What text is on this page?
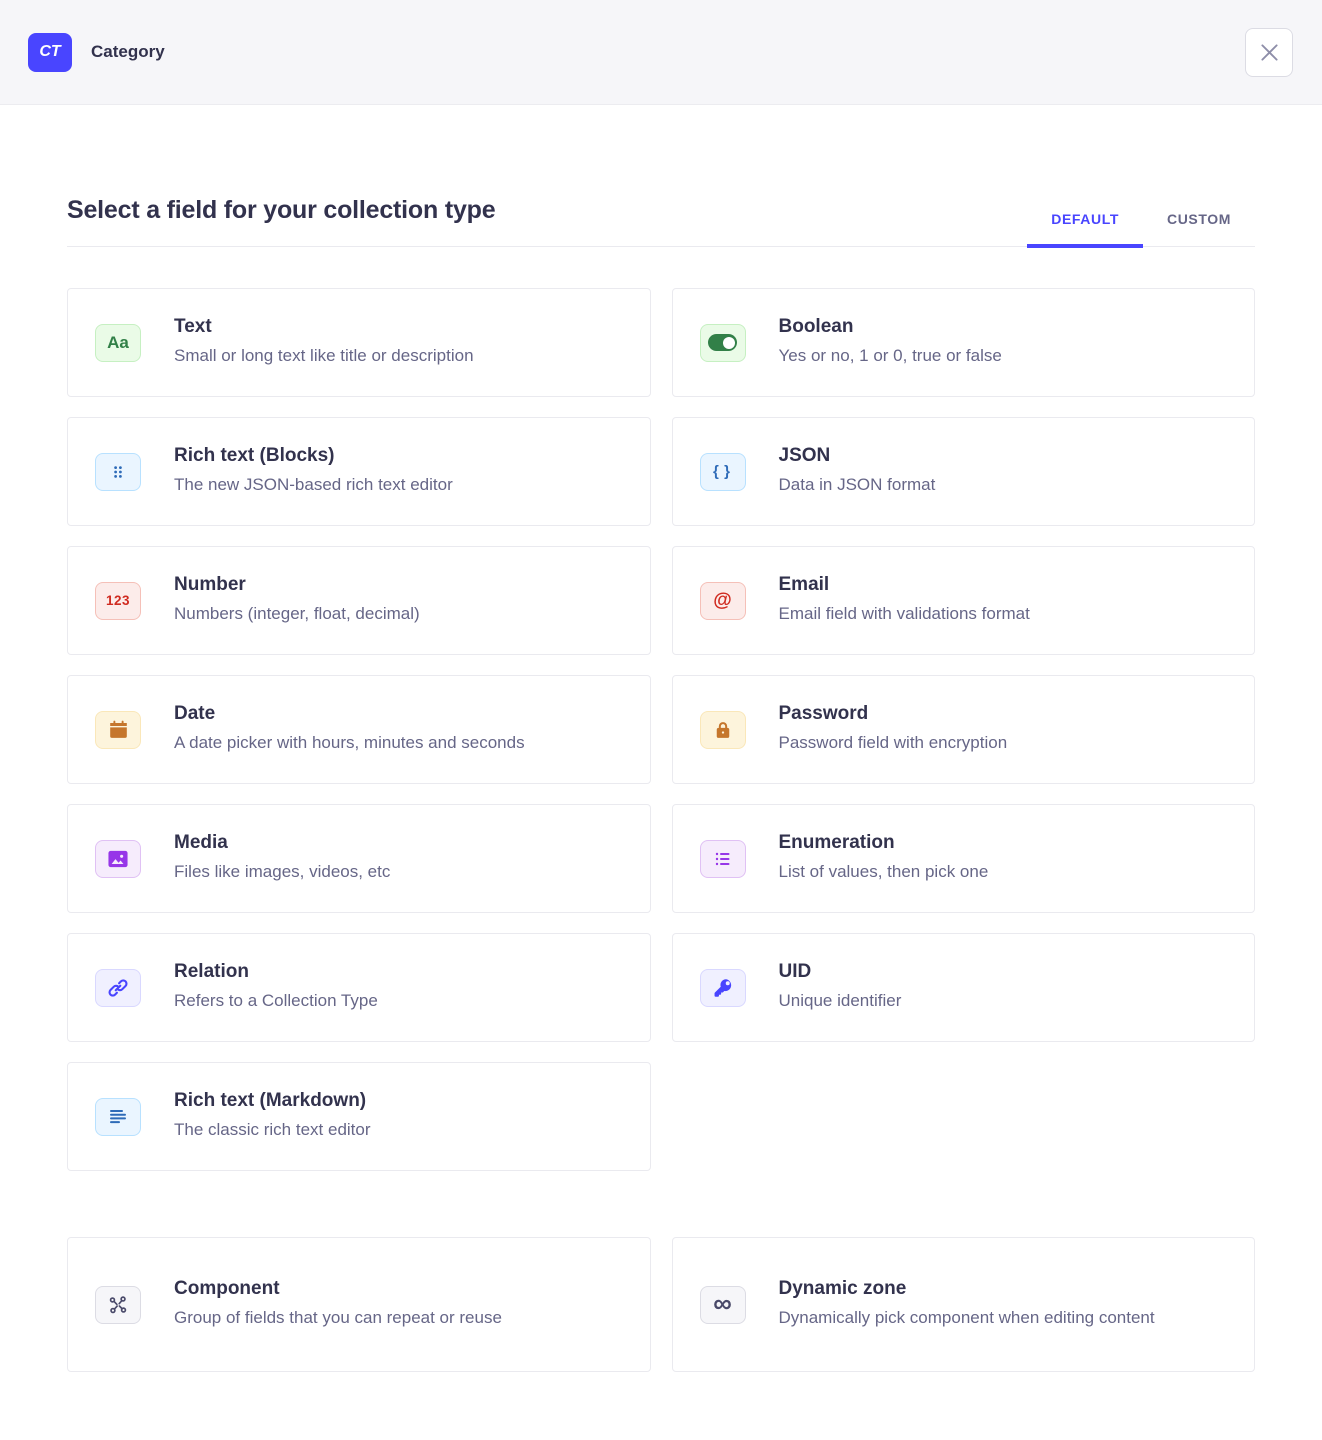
CT	Category
Select a field for your collection type	DEFAULT	CUSTOM
Aa
Text
Small or long text like title or description
Boolean
Yes or no, 1 or 0, true or false
Rich text (Blocks)
The new JSON-based rich text editor
{ }
JSON
Data in JSON format
123
Number
Numbers (integer, float, decimal)
@
Email
Email field with validations format
Date
A date picker with hours, minutes and seconds
Password
Password field with encryption
Media
Files like images, videos, etc
Enumeration
List of values, then pick one
Relation
Refers to a Collection Type
UID
Unique identifier
Rich text (Markdown)
The classic rich text editor
Component
Group of fields that you can repeat or reuse
∞ Dynamic zone
Dynamically pick component when editing content
